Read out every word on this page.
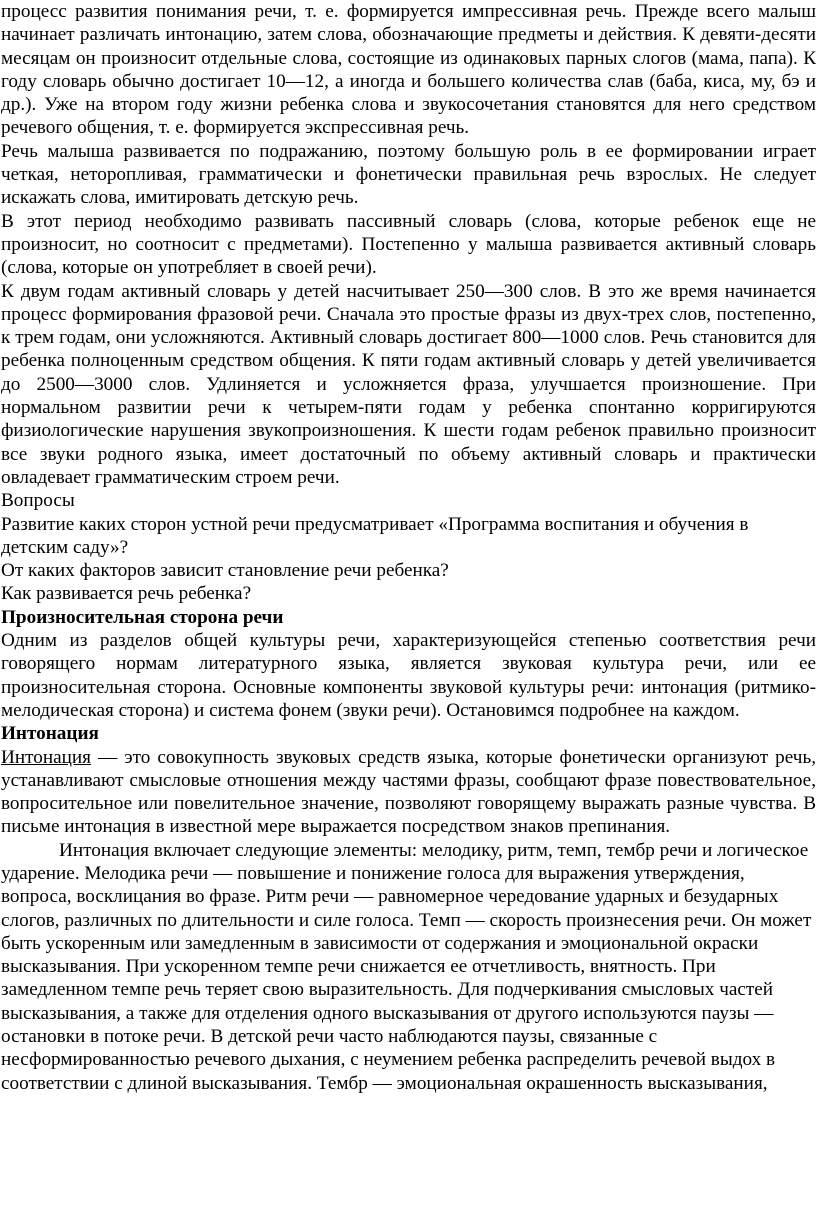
процесс развития понимания речи, т. е. формируется импрессивная речь. Прежде всего малыш начинает различать интонацию, затем слова, обозначающие предметы и действия. К девяти-десяти месяцам он произносит отдельные слова, состоящие из одинаковых парных слогов (мама, папа). К году словарь обычно достигает 10—12, а иногда и большего количества слав (баба, киса, му, бэ и др.). Уже на втором году жизни ребенка слова и звукосочетания становятся для него средством речевого общения, т. е. формируется экспрессивная речь.

Речь малыша развивается по подражанию, поэтому большую роль в ее формировании играет четкая, неторопливая, грамматически и фонетически правильная речь взрослых. Не следует искажать слова, имитировать детскую речь.

В этот период необходимо развивать пассивный словарь (слова, которые ребенок еще не произносит, но соотносит с предметами). Постепенно у малыша развивается активный словарь (слова, которые он употребляет в своей речи).

К двум годам активный словарь у детей насчитывает 250—300 слов. В это же время начинается процесс формирования фразовой речи. Сначала это простые фразы из двух-трех слов, постепенно, к трем годам, они усложняются. Активный словарь достигает 800—1000 слов. Речь становится для ребенка полноценным средством общения. К пяти годам активный словарь у детей увеличивается до 2500—3000 слов. Удлиняется и усложняется фраза, улучшается произношение. При нормальном развитии речи к четырем-пяти годам у ребенка спонтанно корригируются физиологические нарушения звукопроизношения. К шести годам ребенок правильно произносит все звуки родного языка, имеет достаточный по объему активный словарь и практически овладевает грамматическим строем речи.

Вопросы

Развитие каких сторон устной речи предусматривает «Программа воспитания и обучения в детским саду»?

От каких факторов зависит становление речи ребенка?

Как развивается речь ребенка?

Произносительная сторона речи

Одним из разделов общей культуры речи, характеризующейся степенью соответствия речи говорящего нормам литературного языка, является звуковая культура речи, или ее произносительная сторона. Основные компоненты звуковой культуры речи: интонация (ритмико-мелодическая сторона) и система фонем (звуки речи). Остановимся подробнее на каждом.

Интонация

Интонация — это совокупность звуковых средств языка, которые фонетически организуют речь, устанавливают смысловые отношения между частями фразы, сообщают фразе повествовательное, вопросительное или повелительное значение, позволяют говорящему выражать разные чувства. В письме интонация в известной мере выражается посредством знаков препинания.

Интонация включает следующие элементы: мелодику, ритм, темп, тембр речи и логическое ударение. Мелодика речи — повышение и понижение голоса для выражения утверждения, вопроса, восклицания во фразе. Ритм речи — равномерное чередование ударных и безударных слогов, различных по длительности и силе голоса. Темп — скорость произнесения речи. Он может быть ускоренным или замедленным в зависимости от содержания и эмоциональной окраски высказывания. При ускоренном темпе речи снижается ее отчетливость, внятность. При замедленном темпе речь теряет свою выразительность. Для подчеркивания смысловых частей высказывания, а также для отделения одного высказывания от другого используются паузы — остановки в потоке речи. В детской речи часто наблюдаются паузы, связанные с несформированностью речевого дыхания, с неумением ребенка распределить речевой выдох в соответствии с длиной высказывания. Тембр — эмоциональная окрашенность высказывания,
